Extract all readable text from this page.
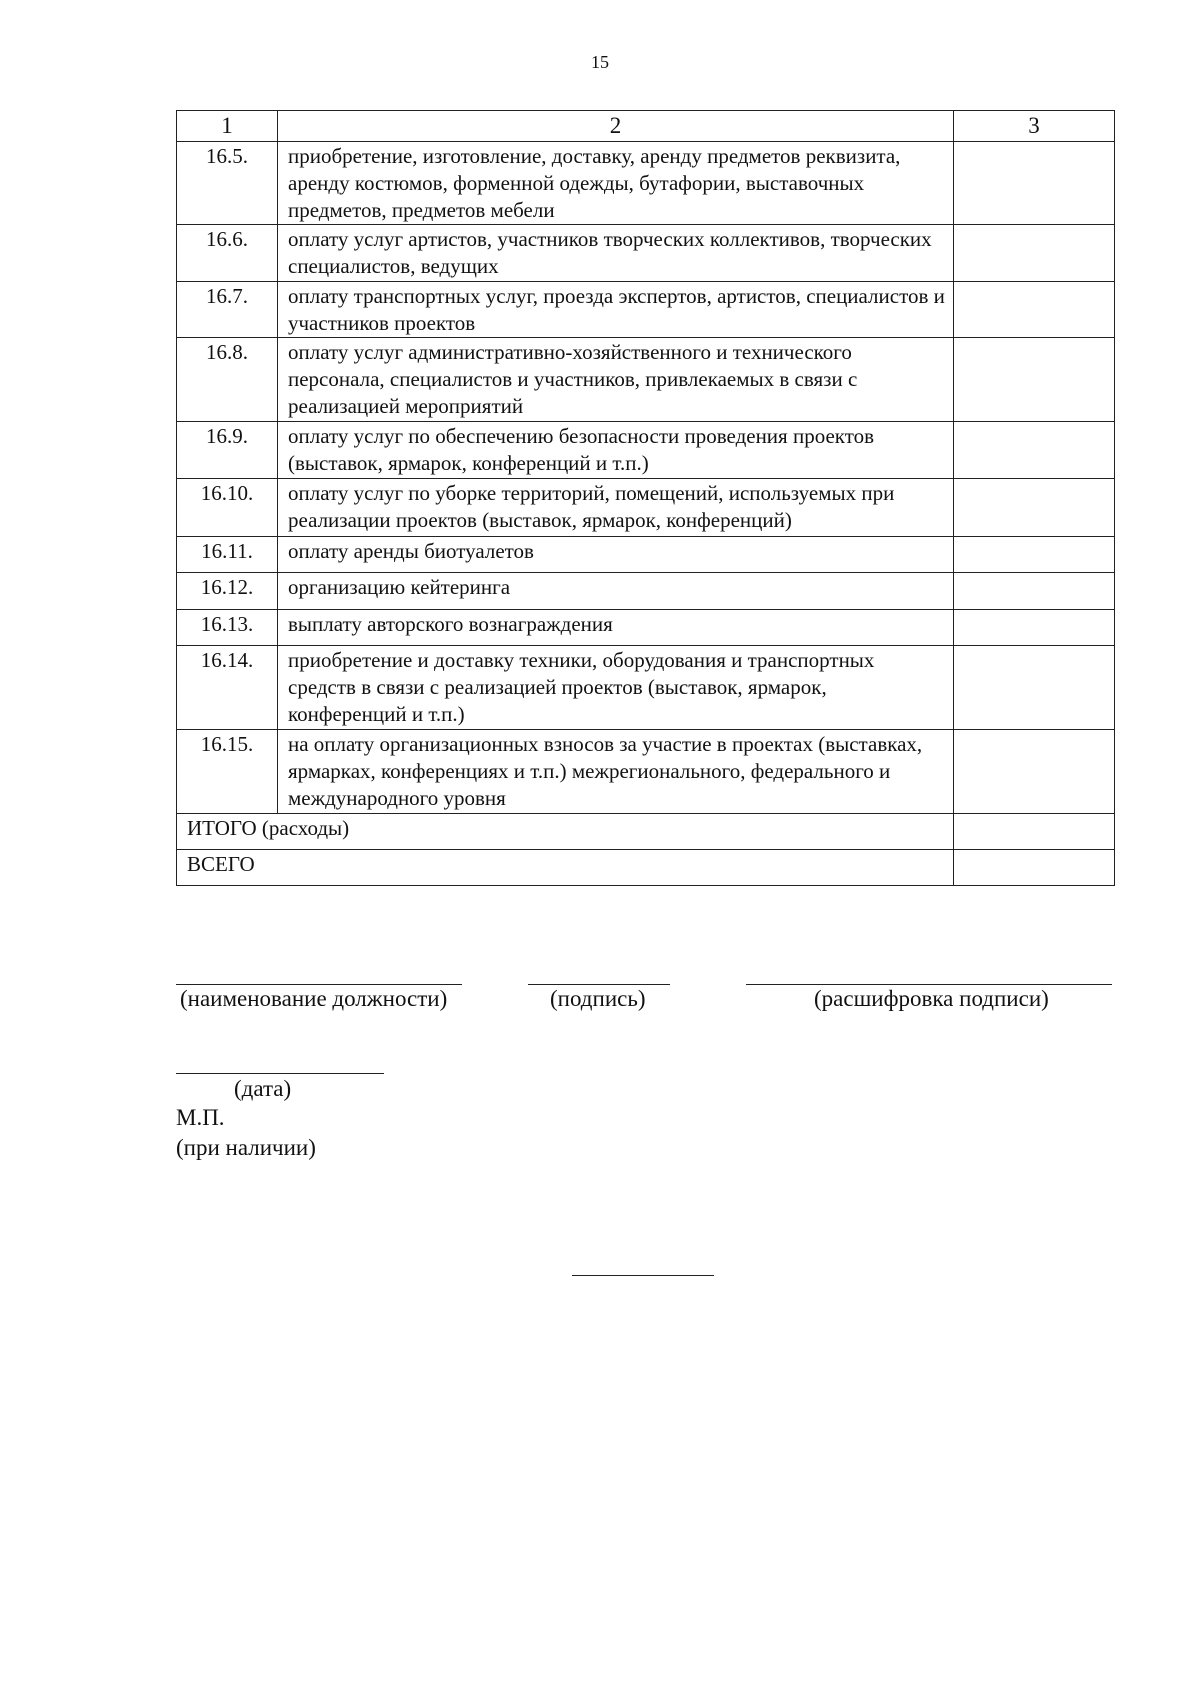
15
1	2	3
16.5.	приобретение, изготовление, доставку, аренду предметов реквизита, аренду костюмов, форменной одежды, бутафории, выставочных предметов, предметов мебели	
16.6.	оплату услуг артистов, участников творческих коллективов, творческих специалистов, ведущих	
16.7.	оплату транспортных услуг, проезда экспертов, артистов, специалистов и участников проектов	
16.8.	оплату услуг административно-хозяйственного и технического персонала, специалистов и участников, привлекаемых в связи с реализацией мероприятий	
16.9.	оплату услуг по обеспечению безопасности проведения проектов (выставок, ярмарок, конференций и т.п.)	
16.10.	оплату услуг по уборке территорий, помещений, используемых при реализации проектов (выставок, ярмарок, конференций)	
16.11.	оплату аренды биотуалетов	
16.12.	организацию кейтеринга	
16.13.	выплату авторского вознаграждения	
16.14.	приобретение и доставку техники, оборудования и транспортных средств в связи с реализацией проектов (выставок, ярмарок, конференций и т.п.)	
16.15.	на оплату организационных взносов за участие в проектах (выставках, ярмарках, конференциях и т.п.) межрегионального, федерального и международного уровня	
ИТОГО (расходы)		
ВСЕГО		
(наименование должности)	(подпись)	(расшифровка подписи)
(дата)
М.П.
(при наличии)
